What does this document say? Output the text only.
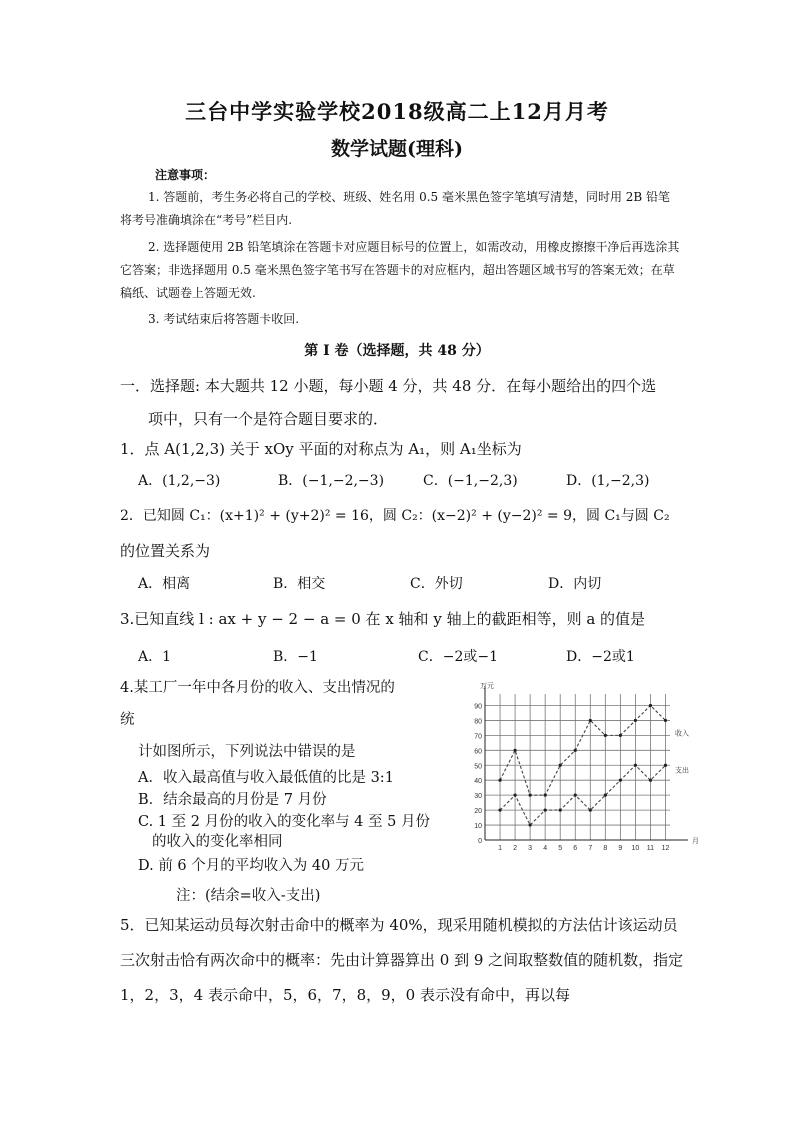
三台中学实验学校2018级高二上12月月考
数学试题(理科)
注意事项：
1. 答题前，考生务必将自己的学校、班级、姓名用 0.5 毫米黑色签字笔填写清楚，同时用 2B 铅笔将考号准确填涂在“考号”栏目内.
2. 选择题使用 2B 铅笔填涂在答题卡对应题目标号的位置上，如需改动，用橡皮擦擦干净后再选涂其它答案；非选择题用 0.5 毫米黑色签字笔书写在答题卡的对应框内，超出答题区域书写的答案无效；在草稿纸、试题卷上答题无效.
3. 考试结束后将答题卡收回.
第 I 卷（选择题，共 48 分）
一．选择题: 本大题共 12 小题，每小题 4 分，共 48 分．在每小题给出的四个选
项中，只有一个是符合题目要求的．
1．点 A(1,2,3) 关于 xOy 平面的对称点为 A₁，则 A₁坐标为
A．(1,2,−3)	B．(−1,−2,−3)	C．(−1,−2,3)	D．(1,−2,3)
2．已知圆 C₁：(x+1)² + (y+2)² = 16，圆 C₂：(x−2)² + (y−2)² = 9，圆 C₁与圆 C₂
的位置关系为
A．相离	B．相交	C．外切	D．内切
3.已知直线 l : ax + y − 2 − a = 0 在 x 轴和 y 轴上的截距相等，则 a 的值是
A．1	B．−1	C．−2或−1	D．−2或1
4.某工厂一年中各月份的收入、支出情况的
统
计如图所示，下列说法中错误的是
A．收入最高值与收入最低值的比是 3:1
B．结余最高的月份是 7 月份
C. 1 至 2 月份的收入的变化率与 4 至 5 月份
的收入的变化率相同
D. 前 6 个月的平均收入为 40 万元
注：(结余=收入-支出)
0
10
20
30
40
50
60
70
80
90
1 2 3 4 5 6 7 8 9 10 11 12
万元
月
收入
支出
5．已知某运动员每次射击命中的概率为 40%，现采用随机模拟的方法估计该运动员三次射击恰有两次命中的概率：先由计算器算出 0 到 9 之间取整数值的随机数，指定 1，2，3，4 表示命中，5，6，7，8，9，0 表示没有命中，再以每
